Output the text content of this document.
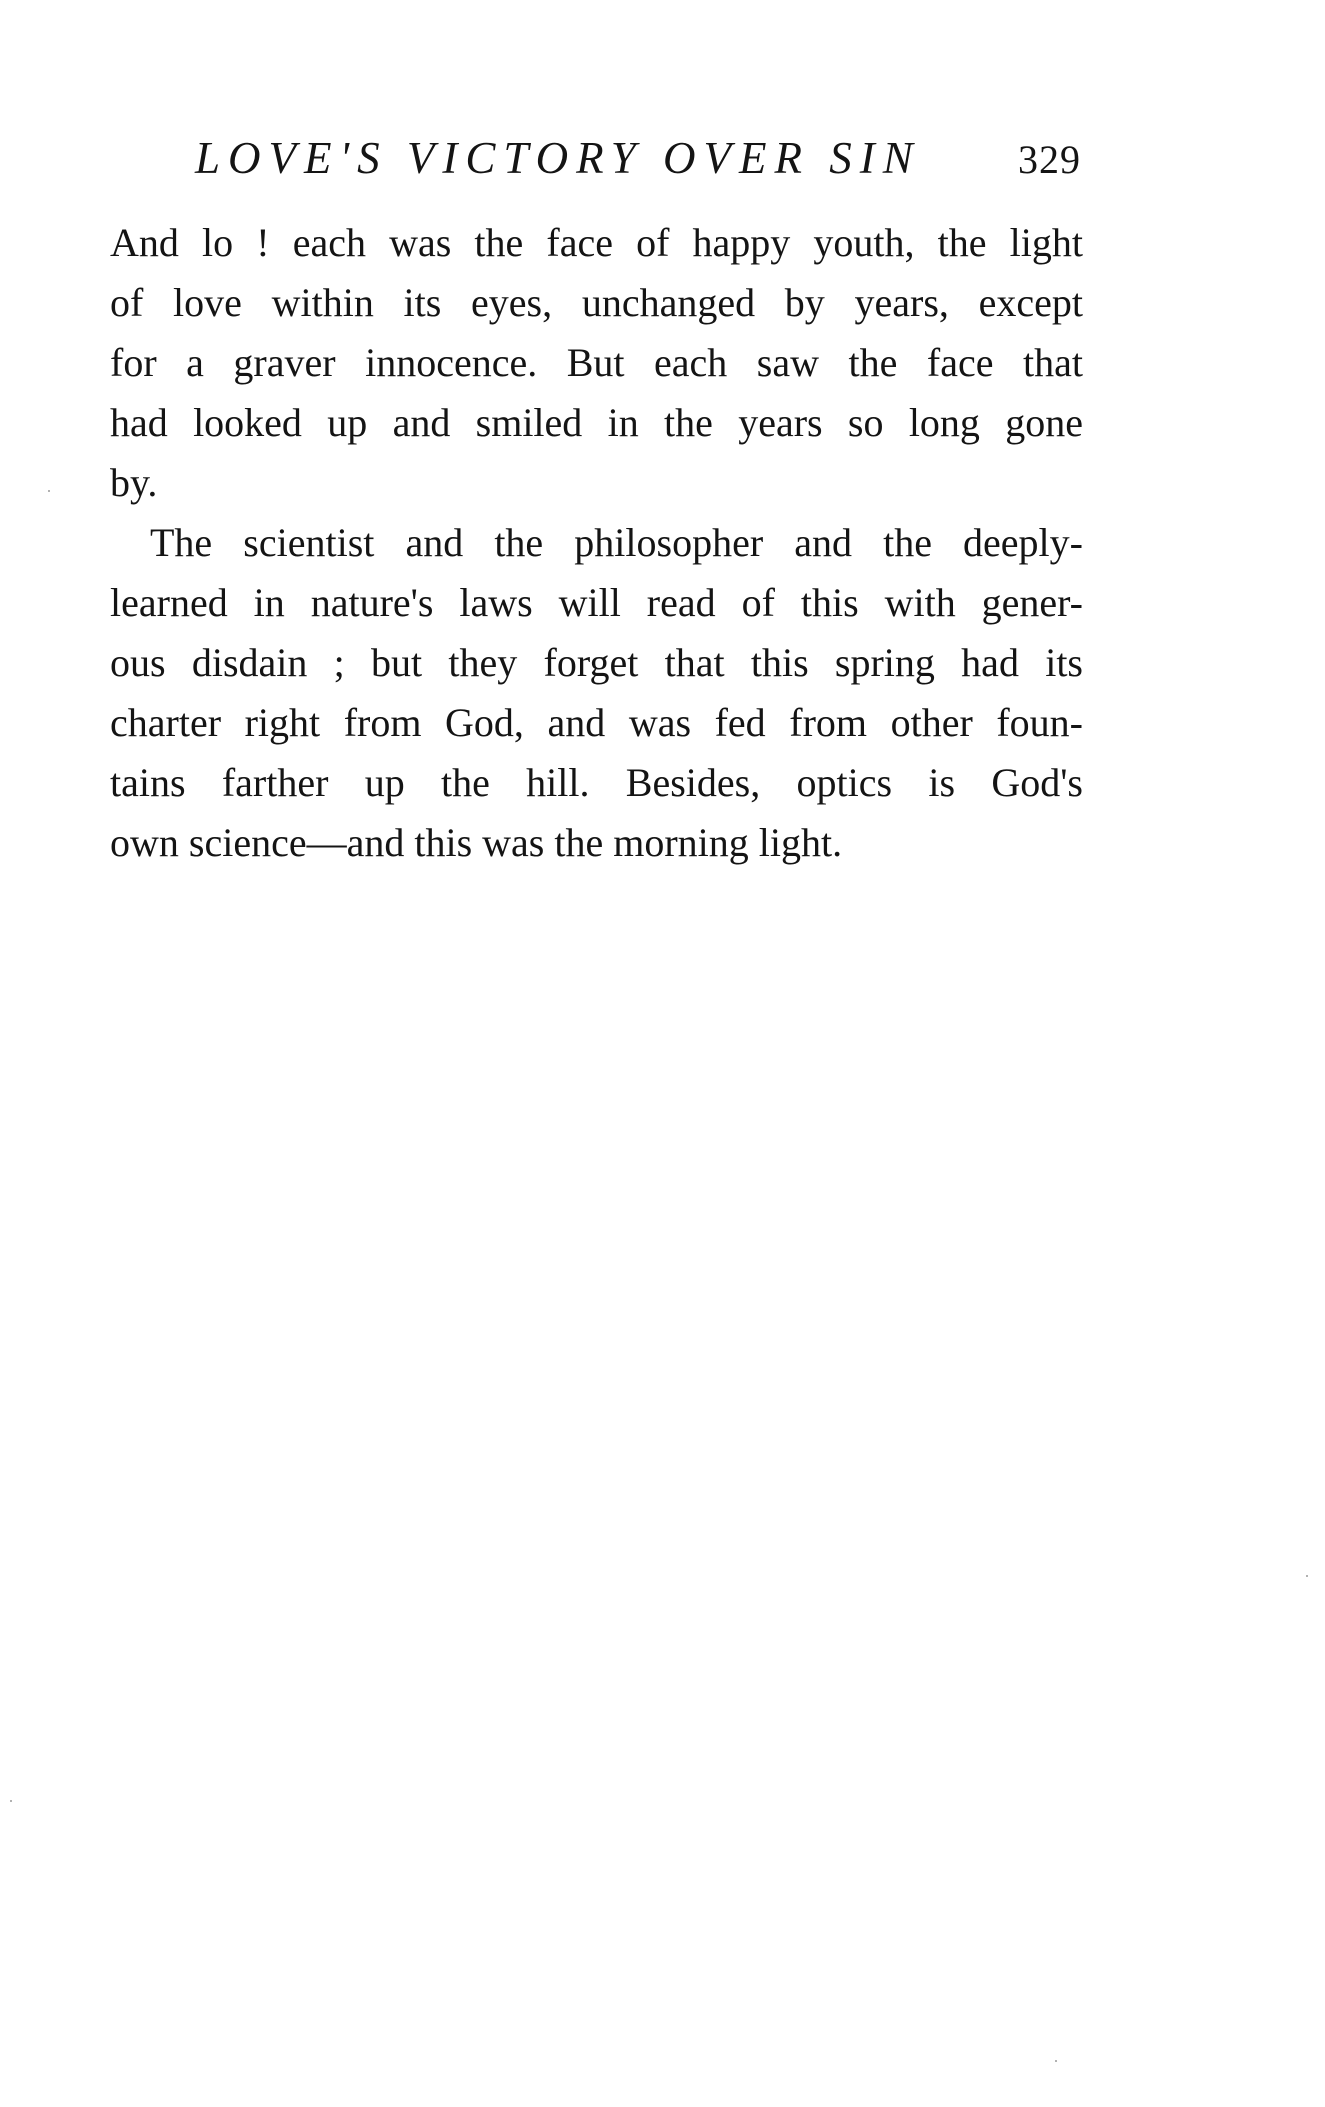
LOVE'S VICTORY OVER SIN 329
And lo ! each was the face of happy youth, the light
of love within its eyes, unchanged by years, except
for a graver innocence. But each saw the face that
had looked up and smiled in the years so long gone
by.
The scientist and the philosopher and the deeply-
learned in nature's laws will read of this with gener-
ous disdain ; but they forget that this spring had its
charter right from God, and was fed from other foun-
tains farther up the hill. Besides, optics is God's
own science—and this was the morning light.
